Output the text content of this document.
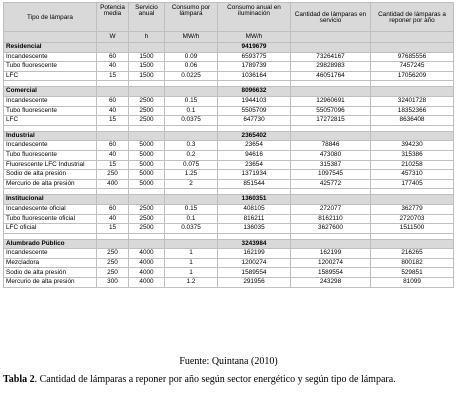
Tipo de lámpara	Potencia media	Servicio anual	Consumo por lámpara	Consumo anual en iluminación	Cantidad de lámparas en servicio	Cantidad de lámparas a reponer por año
	W	h	MW/h	MW/h		
Residencial				9419679		
Incandescente	60	1500	0.09	6593775	73264167	97685556
Tubo fluorescente	40	1500	0.06	1789739	29828983	7457245
LFC	15	1500	0.0225	1036164	46051764	17056209

Comercial				8096632		
Incandescente	60	2500	0.15	1944103	12960691	32401728
Tubo fluorescente	40	2500	0.1	5505709	55057096	18352366
LFC	15	2500	0.0375	647730	17272815	8636408

Industrial				2365402		
Incandescente	60	5000	0.3	23654	78846	394230
Tubo fluorescente	40	5000	0.2	94616	473080	315386
Fluorescente LFC Industrial	15	5000	0.075	23654	315387	210258
Sodio de alta presión	250	5000	1.25	1371934	1097545	457310
Mercurio de alta presión	400	5000	2	851544	425772	177405

Institucional				1360351		
Incandescente oficial	60	2500	0.15	408105	272077	362779
Tubo fluorescente oficial	40	2500	0.1	816211	8162110	2720703
LFC oficial	15	2500	0.0375	136035	3627600	1511500

Alumbrado Público				3243984		
Incandescente	250	4000	1	162199	162199	216265
Mezcladora	250	4000	1	1200274	1200274	800182
Sodio de alta presión	250	4000	1	1589554	1589554	529851
Mercurio de alta presión	300	4000	1.2	291956	243298	81099
Fuente: Quintana (2010)
Tabla 2. Cantidad de lámparas a reponer por año según sector energético y según tipo de lámpara.
